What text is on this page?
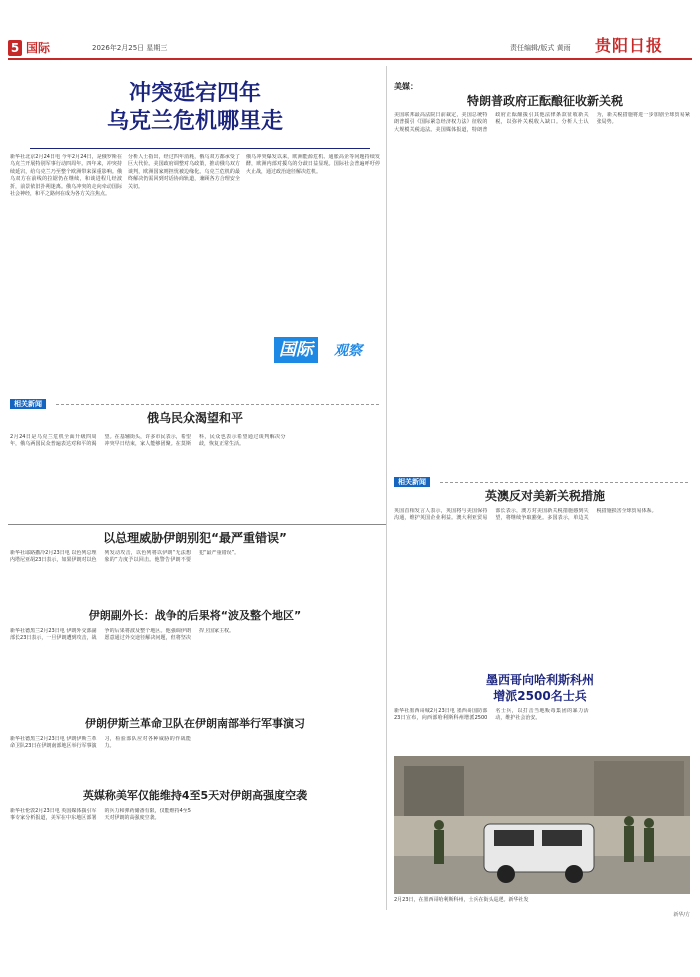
5 国际	2026年2月25日 星期三	责任编辑/版式 黄雨 贵阳日报
冲突延宕四年
乌克兰危机哪里走
新华社北京2月24日电 今年2月24日，是俄罗斯在乌克兰开展特别军事行动四周年。四年来，冲突持续延宕，给乌克兰乃至整个欧洲带来深重影响。俄乌双方在前线的拉锯仍在继续，和谈进程几经波折，前景依旧扑朔迷离。俄乌冲突的走向牵动国际社会神经，和平之路何在成为各方关注焦点。
分析人士指出，经过四年消耗，俄乌双方都承受了巨大代价。美国政府调整对乌政策，推动俄乌双方谈判，欧洲国家则担忧被边缘化。乌克兰危机的最终解决仍需回到对话协商轨道，兼顾各方合理安全关切。
俄乌冲突爆发以来，欧洲能源危机、通胀高企等问题持续发酵，欧洲内部对援乌的分歧日益显现。国际社会普遍呼吁停火止战，通过政治途径解决危机。
国际	观察
相关新闻
俄乌民众渴望和平
2月24日是乌克兰危机全面升级四周年，俄乌两国民众普遍表达对和平的渴望。在基辅街头，许多市民表示，希望冲突早日结束，家人能够团聚。在莫斯科，民众也表示希望通过谈判解决分歧，恢复正常生活。
美媒：
特朗普政府正酝酿征收新关税
美国联邦最高法院日前裁定，美国总统特朗普援引《国际紧急经济权力法》征收的大规模关税违法。美国媒体报道，特朗普政府正酝酿援引其他法律条款征收新关税，以弥补关税收入缺口。分析人士认为，新关税措施将进一步加剧全球贸易紧张局势。
相关新闻
英澳反对美新关税措施
英国首相发言人表示，英国将与美国保持沟通，维护英国企业利益。澳大利亚贸易部长表示，澳方对美国新关税措施感到失望，将继续争取豁免。多国表示，单边关税措施损害全球贸易体系。
以总理威胁伊朗别犯“最严重错误”
新华社耶路撒冷2月23日电 以色列总理内塔尼亚胡23日表示，如果伊朗对以色列发动攻击，以色列将以伊朗“无法想象的”力度予以回击。他警告伊朗不要犯“最严重错误”。
伊朗副外长：战争的后果将“波及整个地区”
新华社德黑兰2月23日电 伊朗外交部副部长23日表示，一旦伊朗遭到攻击，战争的后果将波及整个地区。他强调伊朗愿意通过外交途径解决问题，但将坚决捍卫国家主权。
伊朗伊斯兰革命卫队在伊朗南部举行军事演习
新华社德黑兰2月23日电 伊朗伊斯兰革命卫队23日在伊朗南部地区举行军事演习，检验部队应对各种威胁的作战能力。
英媒称美军仅能维持4至5天对伊朗高强度空袭
新华社伦敦2月23日电 英国媒体援引军事专家分析报道，美军在中东地区部署的兵力和弹药储备有限，仅能维持4至5天对伊朗的高强度空袭。
墨西哥向哈利斯科州
增派2500名士兵
新华社墨西哥城2月23日电 墨西哥国防部23日宣布，向西部哈利斯科州增派2500名士兵，以打击当地贩毒集团的暴力活动，维护社会治安。
2月23日，在墨西哥哈利斯科州，士兵在街头巡逻。新华社发
新华/方
